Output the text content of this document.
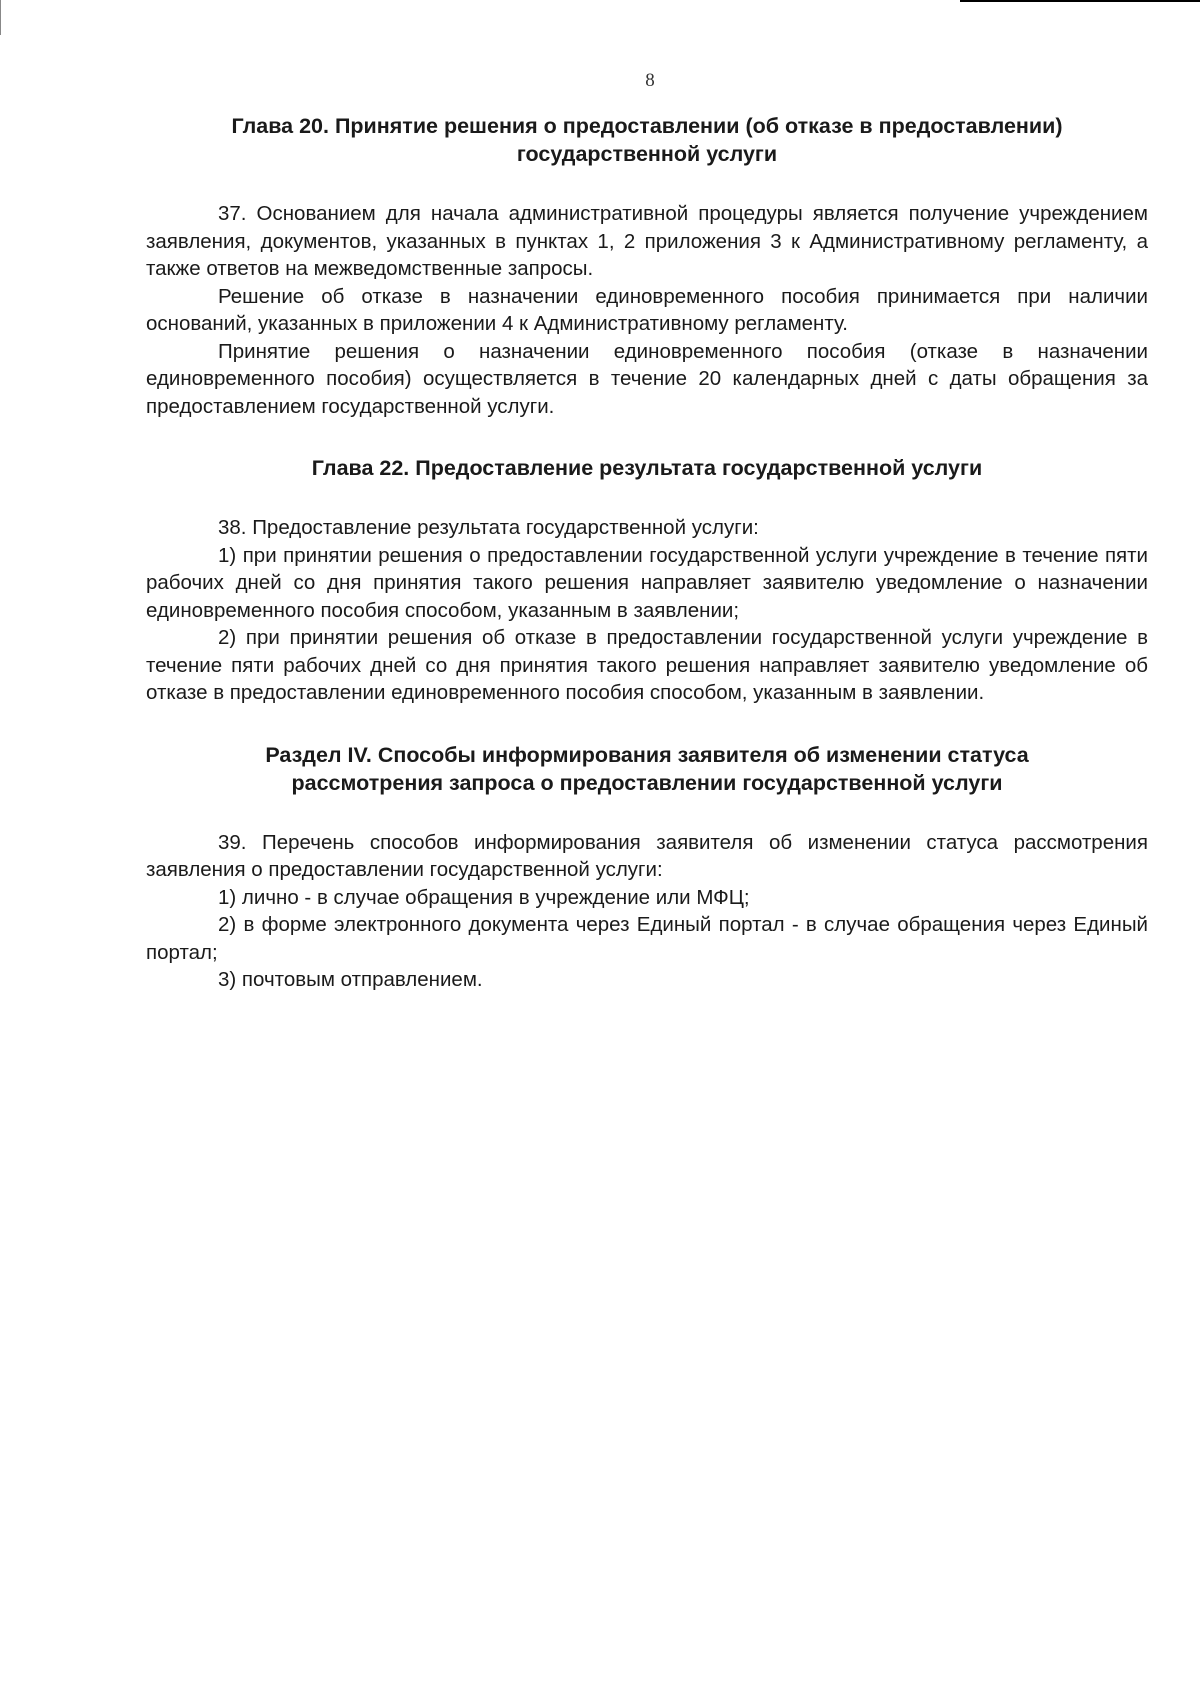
8
Глава 20. Принятие решения о предоставлении (об отказе в предоставлении)
государственной услуги

37. Основанием для начала административной процедуры является получение учреждением заявления, документов, указанных в пунктах 1, 2 приложения 3 к Административному регламенту, а также ответов на межведомственные запросы.

Решение об отказе в назначении единовременного пособия принимается при наличии оснований, указанных в приложении 4 к Административному регламенту.

Принятие решения о назначении единовременного пособия (отказе в назначении единовременного пособия) осуществляется в течение 20 календарных дней с даты обращения за предоставлением государственной услуги.

Глава 22. Предоставление результата государственной услуги

38. Предоставление результата государственной услуги:

1) при принятии решения о предоставлении государственной услуги учреждение в течение пяти рабочих дней со дня принятия такого решения направляет заявителю уведомление о назначении единовременного пособия способом, указанным в заявлении;

2) при принятии решения об отказе в предоставлении государственной услуги учреждение в течение пяти рабочих дней со дня принятия такого решения направляет заявителю уведомление об отказе в предоставлении единовременного пособия способом, указанным в заявлении.

Раздел IV. Способы информирования заявителя об изменении статуса
рассмотрения запроса о предоставлении государственной услуги

39. Перечень способов информирования заявителя об изменении статуса рассмотрения заявления о предоставлении государственной услуги:

1) лично - в случае обращения в учреждение или МФЦ;

2) в форме электронного документа через Единый портал - в случае обращения через Единый портал;

3) почтовым отправлением.
